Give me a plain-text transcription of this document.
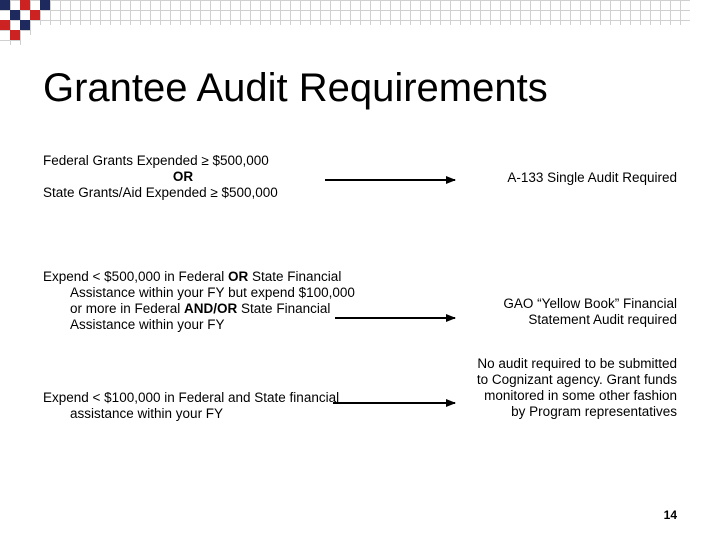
Grantee Audit Requirements
Federal Grants Expended ≥ $500,000
OR
State Grants/Aid Expended ≥ $500,000
A-133 Single Audit Required
Expend < $500,000 in Federal OR State Financial Assistance within your FY but expend $100,000 or more in Federal AND/OR State Financial Assistance within your FY
GAO “Yellow Book” Financial Statement Audit required
Expend < $100,000 in Federal and State financial assistance within your FY
No audit required to be submitted to Cognizant agency. Grant funds monitored in some other fashion by Program representatives
14
